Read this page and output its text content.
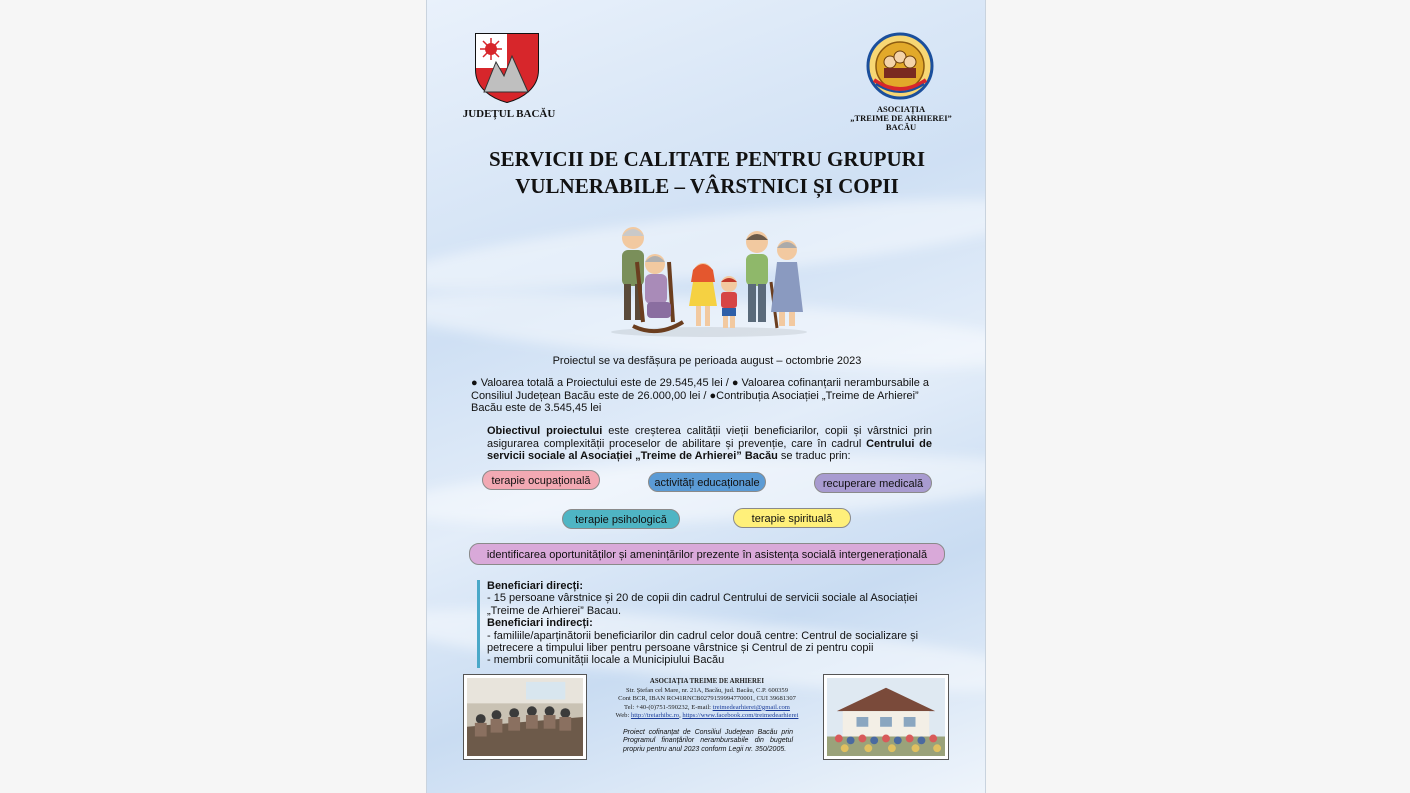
JUDEȚUL BACĂU	ASOCIAȚIA
„TREIME DE ARHIEREI”
BACĂU
SERVICII DE CALITATE PENTRU GRUPURI
VULNERABILE – VÂRSTNICI ȘI COPII
Proiectul se va desfășura pe perioada august – octombrie 2023
● Valoarea totală a Proiectului este de 29.545,45 lei / ● Valoarea cofinanțarii nerambursabile a Consiliul Județean Bacău este de 26.000,00 lei / ●Contribuția Asociației „Treime de Arhierei” Bacău este de 3.545,45 lei
Obiectivul proiectului este creșterea calității vieții beneficiarilor, copii și vârstnici prin asigurarea complexității proceselor de abilitare și prevenție, care în cadrul Centrului de servicii sociale al Asociației „Treime de Arhierei” Bacău se traduc prin:
terapie ocupațională	activități educaționale	recuperare medicală
terapie psihologică	terapie spirituală
identificarea oportunităților și amenințărilor prezente în asistența socială intergenerațională
Beneficiari direcți:
- 15 persoane vârstnice și 20 de copii din cadrul Centrului de servicii sociale al Asociației „Treime de Arhierei” Bacau.
Beneficiari indirecți:
- familiile/aparținătorii beneficiarilor din cadrul celor două centre: Centrul de socializare și petrecere a timpului liber pentru persoane vârstnice și Centrul de zi pentru copii
- membrii comunității locale a Municipiului Bacău
ASOCIAȚIA TREIME DE ARHIEREI
Str. Ștefan cel Mare, nr. 21A, Bacău, jud. Bacău, C.P. 600359
Cont BCR, IBAN RO41RNCB0279159994770001, CUI 39681307
Tel: +40-(0)751-590232, E-mail: treimedearhierei@gmail.com
Web: http://treiarhibc.ro, https://www.facebook.com/treimedearhierei
Proiect cofinanțat de Consiliul Județean Bacău prin Programul finanțărilor nerambursabile din bugetul propriu pentru anul 2023 conform Legii nr. 350/2005.
